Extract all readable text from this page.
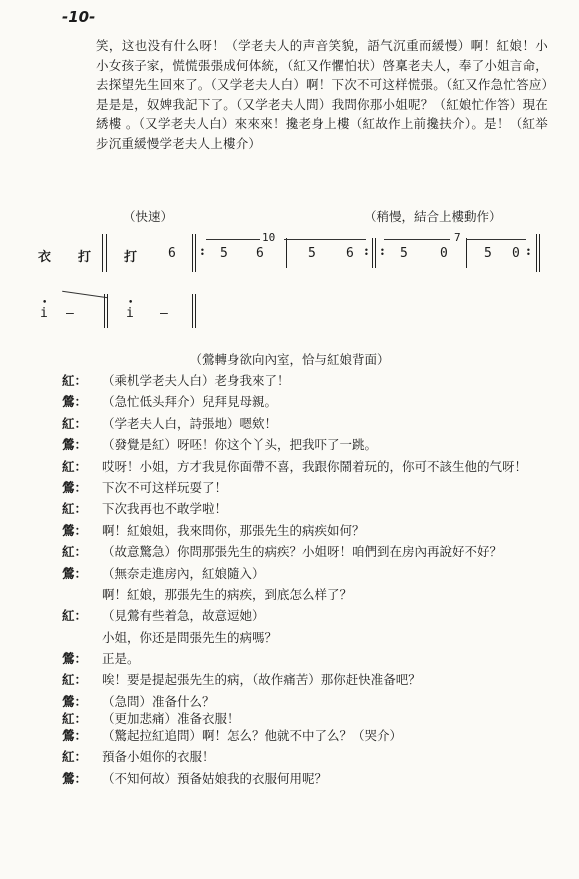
-10-

笑，这也没有什么呀！（学老夫人的声音笑貌，語气沉重而緩慢）啊！紅娘！小小女孩子家，慌慌張張成何体統，（紅又作懼怕状）啓稟老夫人，奉了小姐言命，去探望先生回來了。（又学老夫人白）啊！下次不可这样慌張。（紅又作急忙答应）是是是，奴婢我記下了。（又学老夫人問）我問你那小姐呢？（紅娘忙作答）現在綉樓 。（又学老夫人白）來來來！攙老身上樓（紅故作上前攙扶介）。是！（紅举步沉重緩慢学老夫人上樓介）

（快速）	（稍慢，結合上樓動作）
衣 打	打 6 : 5 6	5 6 : : 5 0	5 0 :
10	7
i
•
—	i
•
—
（鶯轉身欲向內室，恰与紅娘背面）
紅：	（乘机学老夫人白）老身我來了！
鶯：	（急忙低头拜介）兒拜見母親。
紅：	（学老夫人白，詩張地）嗯欸！
鶯：	（發覺是紅）呀呸！你这个丫头，把我吓了一跳。
紅：	哎呀！小姐，方才我見你面帶不喜，我跟你鬧着玩的，你可不該生他的气呀！
鶯：	下次不可这样玩耍了！
紅：	下次我再也不敢学啦！
鶯：	啊！紅娘姐，我來問你，那張先生的病疾如何？
紅：	（故意驚急）你問那張先生的病疾？小姐呀！咱們到在房內再說好不好？
鶯：	（無奈走進房內，紅娘隨入）
啊！紅娘，那張先生的病疾，到底怎么样了？
紅：	（見鶯有些着急，故意逗她）
小姐，你还是問張先生的病嗎？
鶯：	正是。
紅：	唉！要是提起張先生的病，（故作痛苦）那你赶快准备吧？
鶯：	（急問）准备什么？
紅：	（更加悲痛）准备衣服！
鶯：	（驚起拉紅追問）啊！怎么？他就不中了么？（哭介）
紅：	預备小姐你的衣服！
鶯：	（不知何故）預备姑娘我的衣服何用呢？
